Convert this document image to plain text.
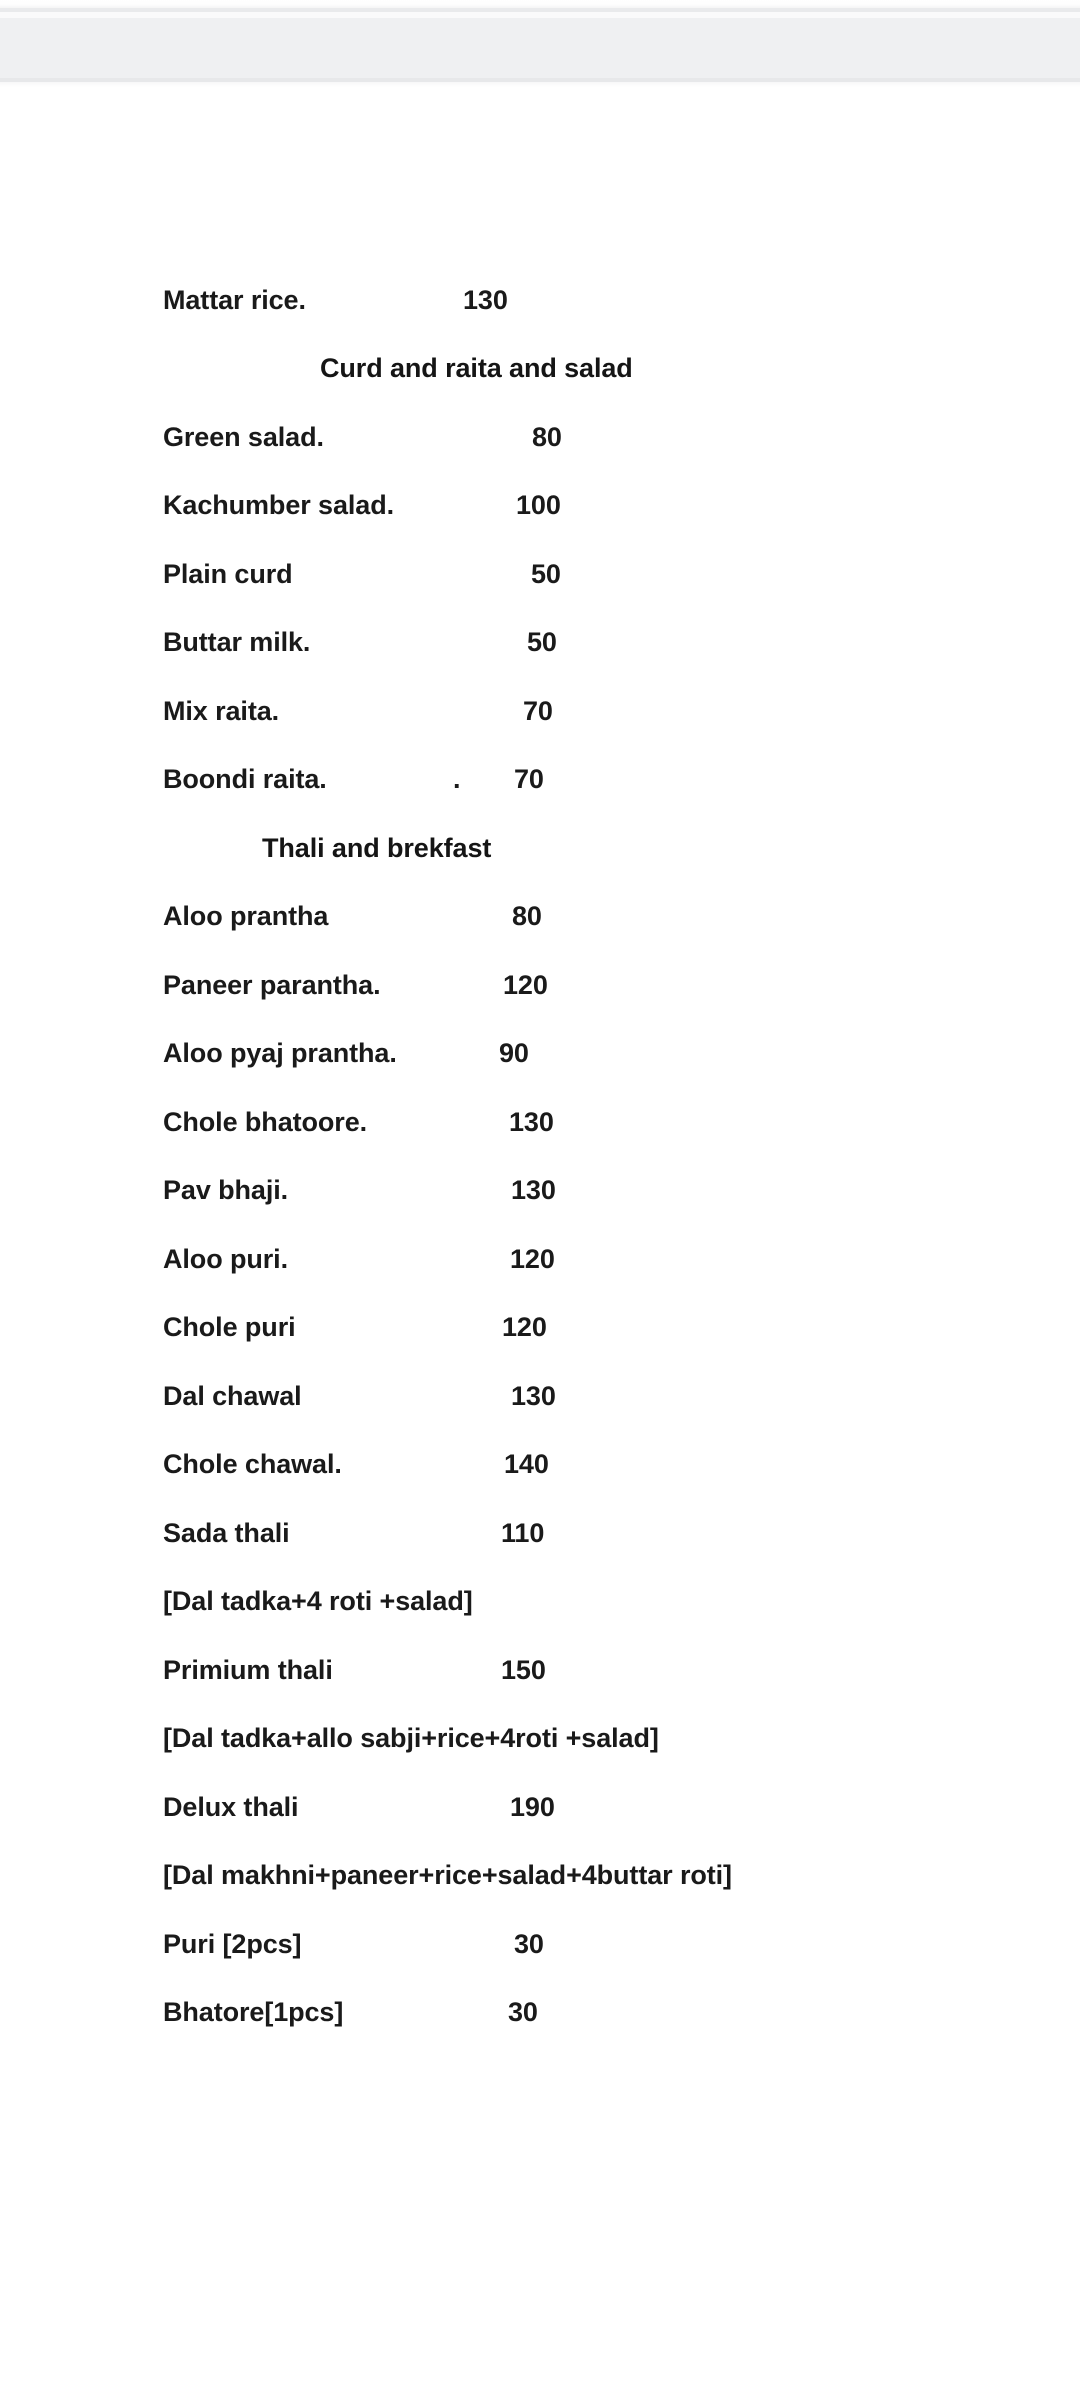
Mattar rice.	130
Curd and raita and salad
Green salad.	80
Kachumber salad.	100
Plain curd	50
Buttar milk.	50
Mix raita.	70
Boondi raita.	. 70
Thali and brekfast
Aloo prantha	80
Paneer parantha.	120
Aloo pyaj prantha.	90
Chole bhatoore.	130
Pav bhaji.	130
Aloo puri.	120
Chole puri	120
Dal chawal	130
Chole chawal.	140
Sada thali	110
[Dal tadka+4 roti +salad]
Primium thali	150
[Dal tadka+allo sabji+rice+4roti +salad]
Delux thali	190
[Dal makhni+paneer+rice+salad+4buttar roti]
Puri [2pcs]	30
Bhatore[1pcs]	30
